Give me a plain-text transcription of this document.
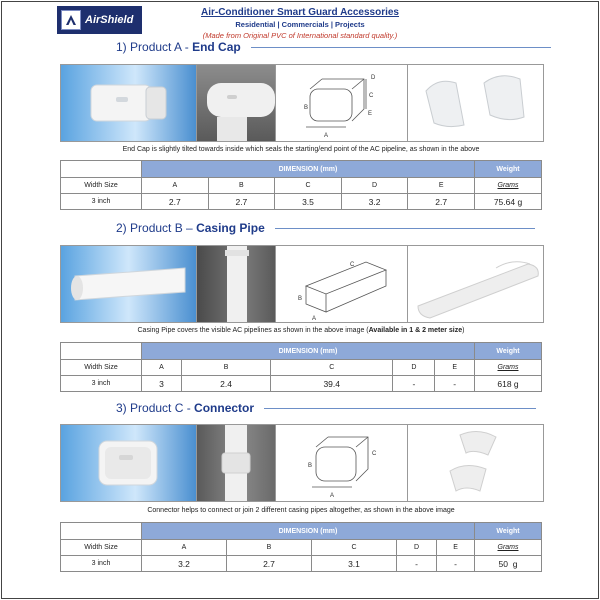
AirShield
Air-Conditioner Smart Guard Accessories
Residential | Commercials | Projects
(Made from Original PVC of International standard quality.)
1)
Product A -
End Cap
A
B
C
D
E
End Cap is slightly tilted towards inside which seals the starting/end point of the AC pipeline, as shown in the above
	DIMENSION (mm)					Weight
Width Size	A	B	C	D	E	Grams
3 inch	2.7	2.7	3.5	3.2	2.7	75.64 g
2)
Product B –
Casing Pipe
C
B
A
Casing Pipe covers the visible AC pipelines as shown in the above image (Available in 1 & 2 meter size)
	DIMENSION (mm)					Weight
Width Size	A	B	C	D	E	Grams
3 inch	3	2.4	39.4	-	-	618 g
3)
Product C -
Connector
A
B
C
Connector helps to connect or join 2 different casing pipes altogether, as shown in the above image
	DIMENSION (mm)					Weight
Width Size	A	B	C	D	E	Grams
3 inch	3.2	2.7	3.1	-	-	50  g
